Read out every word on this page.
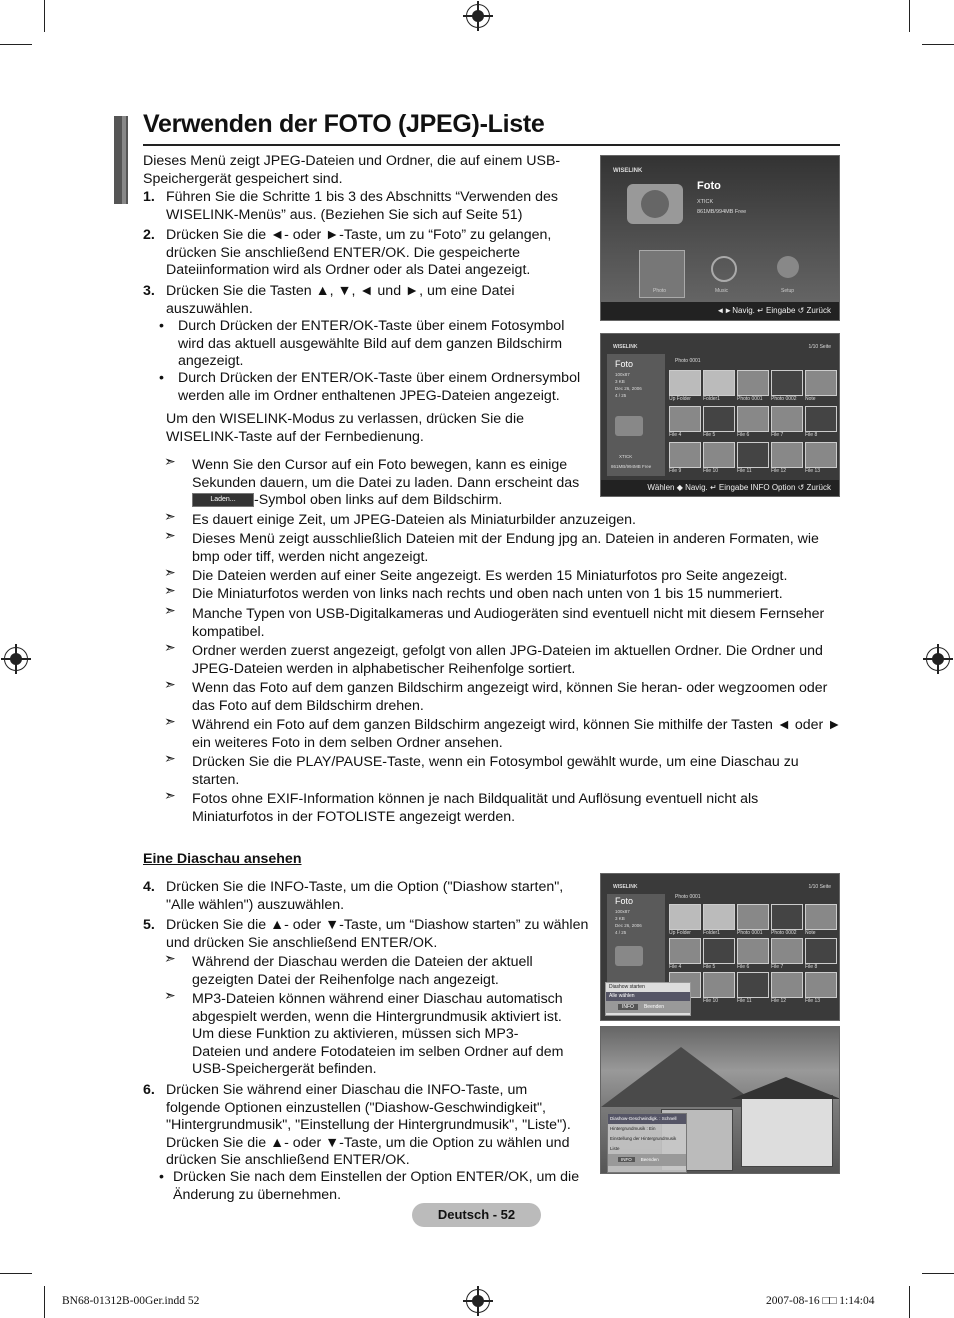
Verwenden der FOTO (JPEG)-Liste
Dieses Menü zeigt JPEG-Dateien und Ordner, die auf einem USB-Speichergerät gespeichert sind.
1. Führen Sie die Schritte 1 bis 3 des Abschnitts “Verwenden des WISELINK-Menüs” aus. (Beziehen Sie sich auf Seite 51)
2. Drücken Sie die ◄- oder ►-Taste, um zu “Foto” zu gelangen, drücken Sie anschließend ENTER/OK. Die gespeicherte Dateiinformation wird als Ordner oder als Datei angezeigt.
3. Drücken Sie die Tasten ▲, ▼, ◄ und ►, um eine Datei auszuwählen.
• Durch Drücken der ENTER/OK-Taste über einem Fotosymbol wird das aktuell ausgewählte Bild auf dem ganzen Bildschirm angezeigt.
• Durch Drücken der ENTER/OK-Taste über einem Ordnersymbol werden alle im Ordner enthaltenen JPEG-Dateien angezeigt.
Um den WISELINK-Modus zu verlassen, drücken Sie die WISELINK-Taste auf der Fernbedienung.
➣ Wenn Sie den Cursor auf ein Foto bewegen, kann es einige Sekunden dauern, um die Datei zu laden. Dann erscheint das Laden... -Symbol oben links auf dem Bildschirm.
➣ Es dauert einige Zeit, um JPEG-Dateien als Miniaturbilder anzuzeigen.
➣ Dieses Menü zeigt ausschließlich Dateien mit der Endung jpg an. Dateien in anderen Formaten, wie bmp oder tiff, werden nicht angezeigt.
➣ Die Dateien werden auf einer Seite angezeigt. Es werden 15 Miniaturfotos pro Seite angezeigt.
➣ Die Miniaturfotos werden von links nach rechts und oben nach unten von 1 bis 15 nummeriert.
➣ Manche Typen von USB-Digitalkameras und Audiogeräten sind eventuell nicht mit diesem Fernseher kompatibel.
➣ Ordner werden zuerst angezeigt, gefolgt von allen JPG-Dateien im aktuellen Ordner. Die Ordner und JPEG-Dateien werden in alphabetischer Reihenfolge sortiert.
➣ Wenn das Foto auf dem ganzen Bildschirm angezeigt wird, können Sie heran- oder wegzoomen oder das Foto auf dem Bildschirm drehen.
➣ Während ein Foto auf dem ganzen Bildschirm angezeigt wird, können Sie mithilfe der Tasten ◄ oder ► ein weiteres Foto in dem selben Ordner ansehen.
➣ Drücken Sie die PLAY/PAUSE-Taste, wenn ein Fotosymbol gewählt wurde, um eine Diaschau zu starten.
➣ Fotos ohne EXIF-Information können je nach Bildqualität und Auflösung eventuell nicht als Miniaturfotos in der FOTOLISTE angezeigt werden.
Eine Diaschau ansehen
4. Drücken Sie die INFO-Taste, um die Option ("Diashow starten", "Alle wählen") auszuwählen.
5. Drücken Sie die ▲- oder ▼-Taste, um “Diashow starten” zu wählen und drücken Sie anschließend ENTER/OK.
➣ Während der Diaschau werden die Dateien der aktuell gezeigten Datei der Reihenfolge nach angezeigt.
➣ MP3-Dateien können während einer Diaschau automatisch abgespielt werden, wenn die Hintergrundmusik aktiviert ist. Um diese Funktion zu aktivieren, müssen sich MP3-Dateien und andere Fotodateien im selben Ordner auf dem USB-Speichergerät befinden.
6. Drücken Sie während einer Diaschau die INFO-Taste, um folgende Optionen einzustellen ("Diashow-Geschwindigkeit", "Hintergrundmusik", "Einstellung der Hintergrundmusik", "Liste"). Drücken Sie die ▲- oder ▼-Taste, um die Option zu wählen und drücken Sie anschließend ENTER/OK.
• Drücken Sie nach dem Einstellen der Option ENTER/OK, um die Änderung zu übernehmen.
WISELINK
Foto
XTICK
861MB/994MB Free
Photo	Music	Setup
◄►Navig. ↵ Eingabe ↺ Zurück
WISELINK	1/10 Seite
Foto
100x87
3 KB
Dec 26, 2006
4 / 25
XTICK
861MB/994MB Free
Photo 0001
Up Folder Folder1	Photo 0001 Photo 0002 Note
File 4	File 5	File 6	File 7	File 8
File 9	File 10	File 11	File 12	File 13
Wählen ◆ Navig. ↵ Eingabe INFO Option ↺ Zurück
WISELINK	1/10 Seite
Foto
100x87
3 KB
Dec 26, 2006
4 / 25
Photo 0001
Up Folder Folder1	Photo 0001 Photo 0002 Note
File 4	File 5	File 6	File 7	File 8
File 10	File 11	File 12	File 13
Diashow starten
Alle wählen
INFO Beenden
Diashow-Geschwindigk. : Schnell
Hintergrundmusik : Ein
Einstellung der Hintergrundmusik
Liste
INFO Beenden
Deutsch - 52
BN68-01312B-00Ger.indd 52	2007-08-16 □□ 1:14:04
